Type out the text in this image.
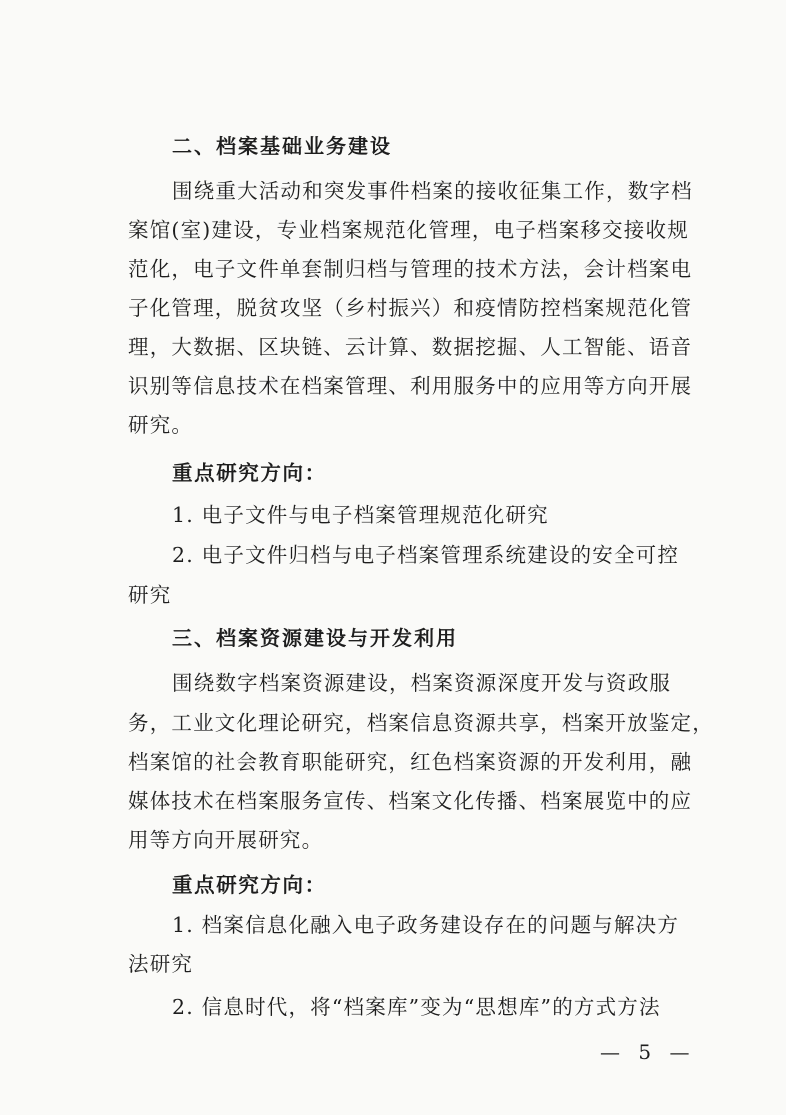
二、档案基础业务建设
围绕重大活动和突发事件档案的接收征集工作，数字档
案馆(室)建设，专业档案规范化管理，电子档案移交接收规
范化，电子文件单套制归档与管理的技术方法，会计档案电
子化管理，脱贫攻坚（乡村振兴）和疫情防控档案规范化管
理，大数据、区块链、云计算、数据挖掘、人工智能、语音
识别等信息技术在档案管理、利用服务中的应用等方向开展
研究。
重点研究方向：
1. 电子文件与电子档案管理规范化研究
2. 电子文件归档与电子档案管理系统建设的安全可控
研究
三、档案资源建设与开发利用
围绕数字档案资源建设，档案资源深度开发与资政服
务，工业文化理论研究，档案信息资源共享，档案开放鉴定，
档案馆的社会教育职能研究，红色档案资源的开发利用，融
媒体技术在档案服务宣传、档案文化传播、档案展览中的应
用等方向开展研究。
重点研究方向：
1. 档案信息化融入电子政务建设存在的问题与解决方
法研究
2. 信息时代，将“档案库”变为“思想库”的方式方法
— 5 —
